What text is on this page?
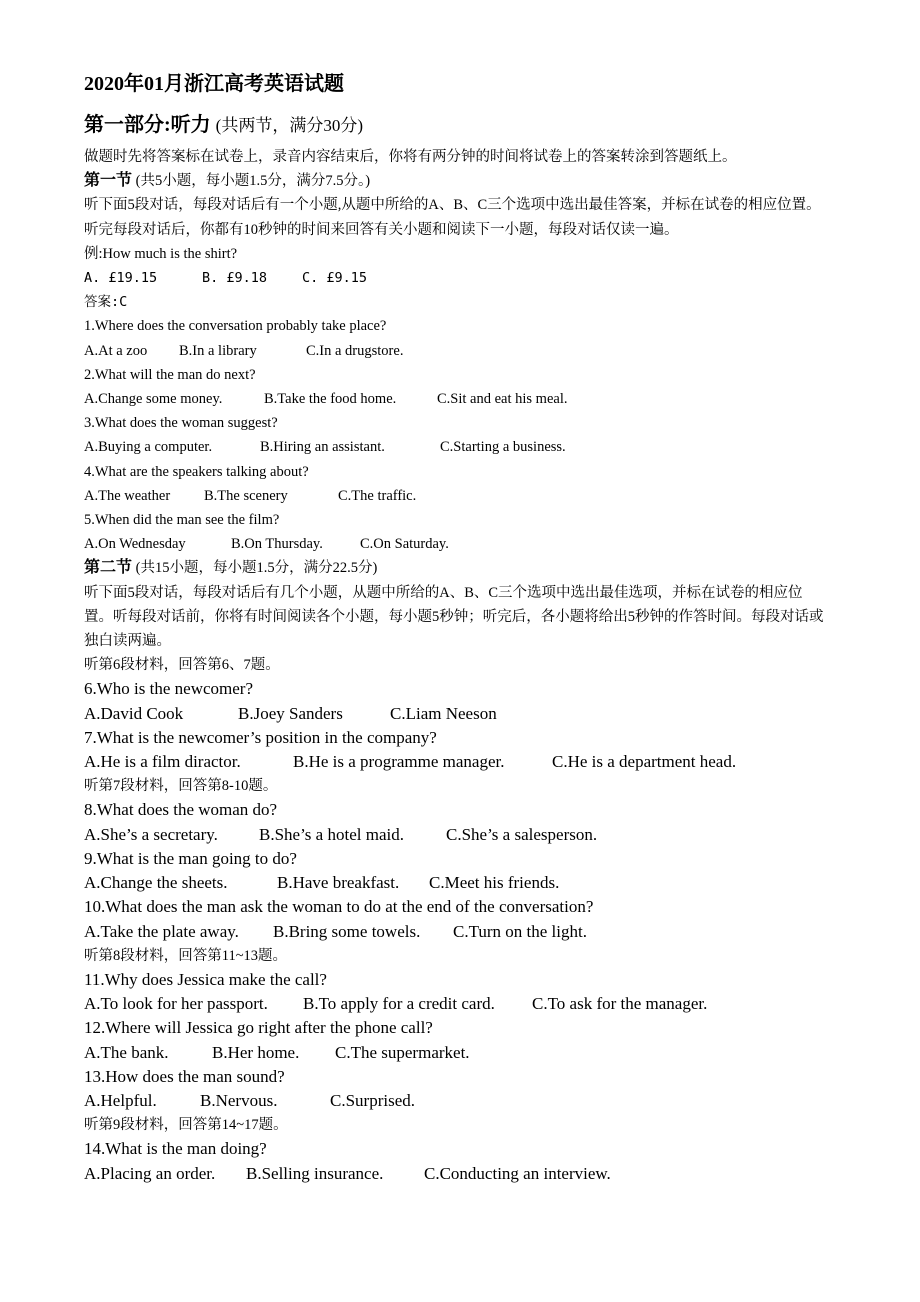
2020年01月浙江高考英语试题
第一部分:听力 (共两节，满分30分)

做题时先将答案标在试卷上，录音内容结束后，你将有两分钟的时间将试卷上的答案转涂到答题纸上。

第一节 (共5小题，每小题1.5分，满分7.5分。)

听下面5段对话，每段对话后有一个小题,从题中所给的A、B、C三个选项中选出最佳答案，并标在试卷的相应位置。听完每段对话后，你都有10秒钟的时间来回答有关小题和阅读下一小题，每段对话仅读一遍。

例:How much is the shirt?
A. £19.15	B. £9.18	C. £9.15
答案:C
1.Where does the conversation probably take place?
A.At a zoo B.In a library	C.In a drugstore.
2.What will the man do next?
A.Change some money.	B.Take the food home.	C.Sit and eat his meal.
3.What does the woman suggest?
A.Buying a computer.	B.Hiring an assistant.	C.Starting a business.
4.What are the speakers talking about?
A.The weather B.The scenery	C.The traffic.
5.When did the man see the film?
A.On Wednesday	B.On Thursday.	C.On Saturday.
第二节 (共15小题，每小题1.5分，满分22.5分)

听下面5段对话，每段对话后有几个小题，从题中所给的A、B、C三个选项中选出最佳选项，并标在试卷的相应位置。听每段对话前，你将有时间阅读各个小题，每小题5秒钟；听完后，各小题将给出5秒钟的作答时间。每段对话或独白读两遍。

听第6段材料，回答第6、7题。
6.Who is the newcomer?
A.David Cook	B.Joey Sanders	C.Liam Neeson
7.What is the newcomer’s position in the company?
A.He is a film diractor.	B.He is a programme manager.	C.He is a department head.
听第7段材料，回答第8-10题。
8.What does the woman do?
A.She’s a secretary. B.She’s a hotel maid. C.She’s a salesperson.
9.What is the man going to do?
A.Change the sheets.	B.Have breakfast. C.Meet his friends.
10.What does the man ask the woman to do at the end of the conversation?
A.Take the plate away. B.Bring some towels. C.Turn on the light.
听第8段材料，回答第11~13题。
11.Why does Jessica make the call?
A.To look for her passport. B.To apply for a credit card. C.To ask for the manager.
12.Where will Jessica go right after the phone call?
A.The bank.	B.Her home. C.The supermarket.
13.How does the man sound?
A.Helpful.	B.Nervous.	C.Surprised.
听第9段材料，回答第14~17题。
14.What is the man doing?
A.Placing an order. B.Selling insurance. C.Conducting an interview.
